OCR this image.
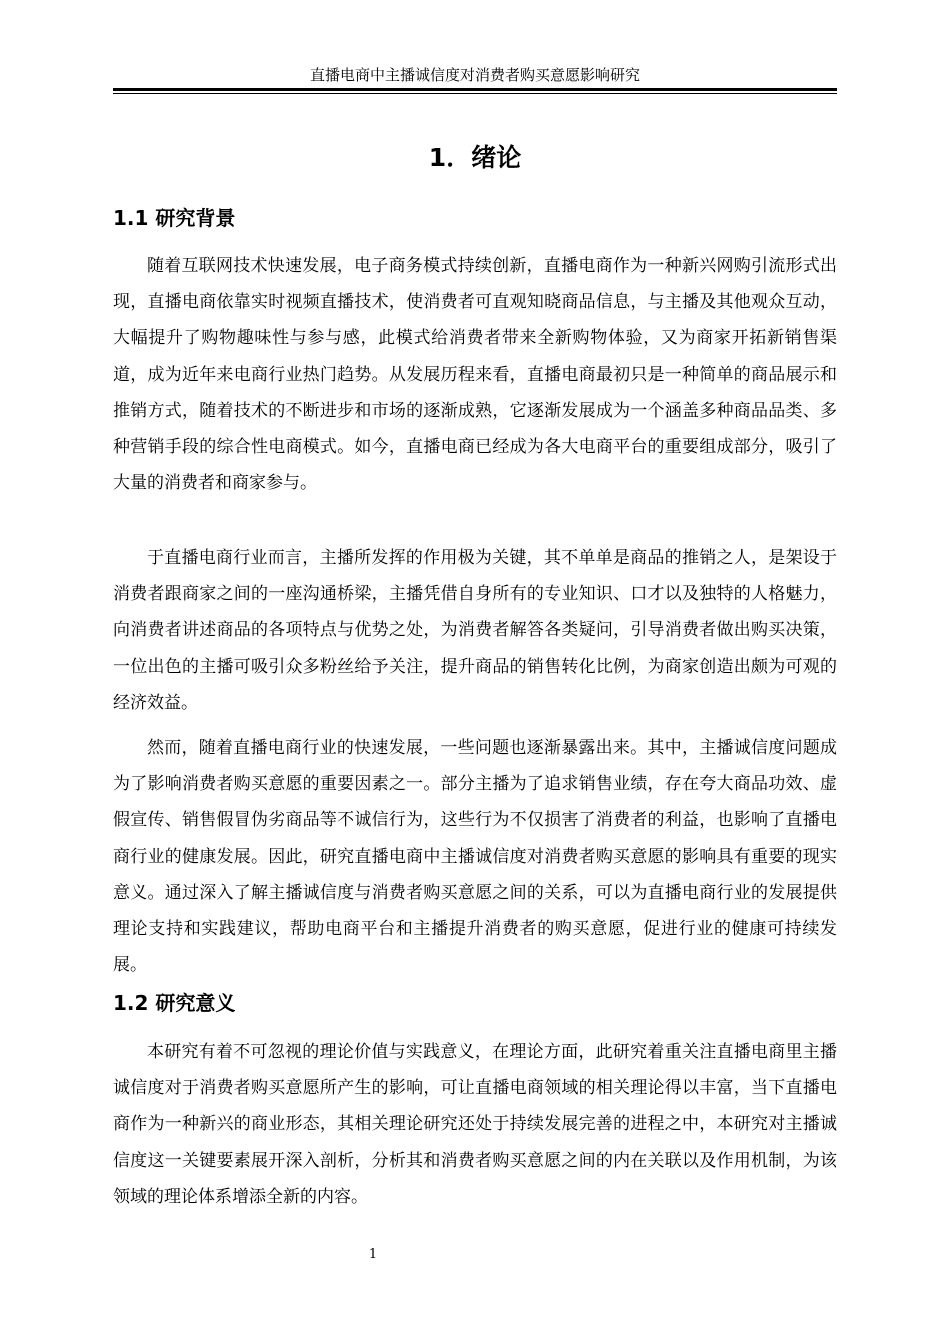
直播电商中主播诚信度对消费者购买意愿影响研究
1．绪论
1.1 研究背景

随着互联网技术快速发展，电子商务模式持续创新，直播电商作为一种新兴网购引流形式出现，直播电商依靠实时视频直播技术，使消费者可直观知晓商品信息，与主播及其他观众互动，大幅提升了购物趣味性与参与感，此模式给消费者带来全新购物体验，又为商家开拓新销售渠道，成为近年来电商行业热门趋势。从发展历程来看，直播电商最初只是一种简单的商品展示和推销方式，随着技术的不断进步和市场的逐渐成熟，它逐渐发展成为一个涵盖多种商品品类、多种营销手段的综合性电商模式。如今，直播电商已经成为各大电商平台的重要组成部分，吸引了大量的消费者和商家参与。

于直播电商行业而言，主播所发挥的作用极为关键，其不单单是商品的推销之人，是架设于消费者跟商家之间的一座沟通桥梁，主播凭借自身所有的专业知识、口才以及独特的人格魅力，向消费者讲述商品的各项特点与优势之处，为消费者解答各类疑问，引导消费者做出购买决策，一位出色的主播可吸引众多粉丝给予关注，提升商品的销售转化比例，为商家创造出颇为可观的经济效益。

然而，随着直播电商行业的快速发展，一些问题也逐渐暴露出来。其中，主播诚信度问题成为了影响消费者购买意愿的重要因素之一。部分主播为了追求销售业绩，存在夸大商品功效、虚假宣传、销售假冒伪劣商品等不诚信行为，这些行为不仅损害了消费者的利益，也影响了直播电商行业的健康发展。因此，研究直播电商中主播诚信度对消费者购买意愿的影响具有重要的现实意义。通过深入了解主播诚信度与消费者购买意愿之间的关系，可以为直播电商行业的发展提供理论支持和实践建议，帮助电商平台和主播提升消费者的购买意愿，促进行业的健康可持续发展。

1.2 研究意义

本研究有着不可忽视的理论价值与实践意义，在理论方面，此研究着重关注直播电商里主播诚信度对于消费者购买意愿所产生的影响，可让直播电商领域的相关理论得以丰富，当下直播电商作为一种新兴的商业形态，其相关理论研究还处于持续发展完善的进程之中，本研究对主播诚信度这一关键要素展开深入剖析，分析其和消费者购买意愿之间的内在关联以及作用机制，为该领域的理论体系增添全新的内容。

1
